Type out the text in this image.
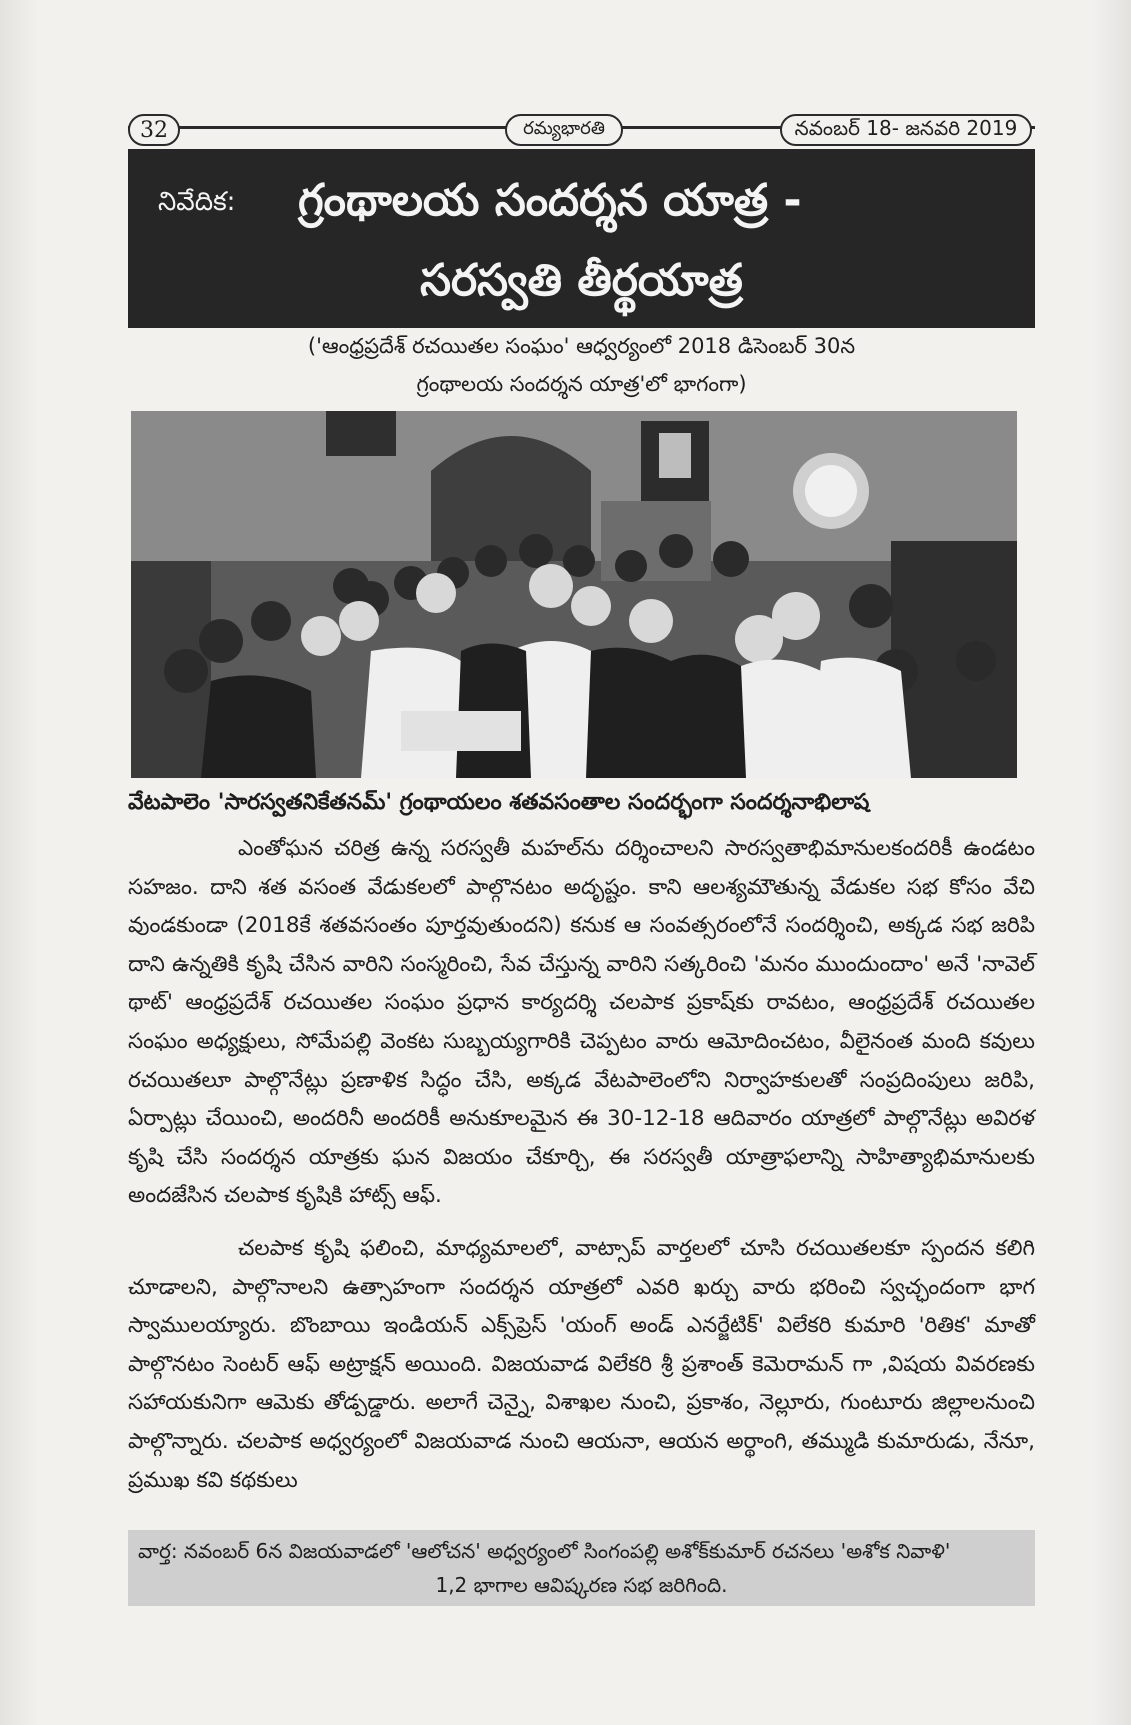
32	రమ్యభారతి	నవంబర్ 18- జనవరి 2019
నివేదిక: గ్రంథాలయ సందర్శన యాత్ర -
సరస్వతి తీర్థయాత్ర
('ఆంధ్రప్రదేశ్ రచయితల సంఘం' ఆధ్వర్యంలో 2018 డిసెంబర్ 30న
గ్రంథాలయ సందర్శన యాత్ర'లో భాగంగా)
వేటపాలెం 'సారస్వతనికేతనమ్' గ్రంథాయలం శతవసంతాల సందర్భంగా సందర్శనాభిలాష

ఎంతోఘన చరిత్ర ఉన్న సరస్వతీ మహల్‌ను దర్శించాలని సారస్వతాభిమానులకందరికీ ఉండటం సహజం. దాని శత వసంత వేడుకలలో పాల్గొనటం అదృష్టం. కాని ఆలశ్యమౌతున్న వేడుకల సభ కోసం వేచి వుండకుండా (2018కే శతవసంతం పూర్తవుతుందని) కనుక ఆ సంవత్సరంలోనే సందర్శించి, అక్కడ సభ జరిపి దాని ఉన్నతికి కృషి చేసిన వారిని సంస్మరించి, సేవ చేస్తున్న వారిని సత్కరించి 'మనం ముందుందాం' అనే 'నావెల్ థాట్' ఆంధ్రప్రదేశ్ రచయితల సంఘం ప్రధాన కార్యదర్శి చలపాక ప్రకాష్‌కు రావటం, ఆంధ్రప్రదేశ్ రచయితల సంఘం అధ్యక్షులు, సోమేపల్లి వెంకట సుబ్బయ్యగారికి చెప్పటం వారు ఆమోదించటం, వీలైనంత మంది కవులు రచయితలూ పాల్గొనేట్లు ప్రణాళిక సిద్ధం చేసి, అక్కడ వేటపాలెంలోని నిర్వాహకులతో సంప్రదింపులు జరిపి, ఏర్పాట్లు చేయించి, అందరినీ అందరికీ అనుకూలమైన ఈ 30-12-18 ఆదివారం యాత్రలో పాల్గొనేట్లు అవిరళ కృషి చేసి సందర్శన యాత్రకు ఘన విజయం చేకూర్చి, ఈ సరస్వతీ యాత్రాఫలాన్ని సాహిత్యాభిమానులకు అందజేసిన చలపాక కృషికి హాట్స్ ఆఫ్.

చలపాక కృషి ఫలించి, మాధ్యమాలలో, వాట్సాప్ వార్తలలో చూసి రచయితలకూ స్పందన కలిగి చూడాలని, పాల్గొనాలని ఉత్సాహంగా సందర్శన యాత్రలో ఎవరి ఖర్చు వారు భరించి స్వచ్ఛందంగా భాగ స్వాములయ్యారు. బొంబాయి ఇండియన్ ఎక్స్‌ప్రెస్ 'యంగ్ అండ్ ఎనర్జేటిక్' విలేకరి కుమారి 'రితిక' మాతో పాల్గొనటం సెంటర్ ఆఫ్ అట్రాక్షన్ అయింది. విజయవాడ విలేకరి శ్రీ ప్రశాంత్ కెమెరామన్ గా ,విషయ వివరణకు సహాయకునిగా ఆమెకు తోడ్పడ్డారు. అలాగే చెన్నై, విశాఖల నుంచి, ప్రకాశం, నెల్లూరు, గుంటూరు జిల్లాలనుంచి పాల్గొన్నారు. చలపాక అధ్వర్యంలో విజయవాడ నుంచి ఆయనా, ఆయన అర్థాంగి, తమ్ముడి కుమారుడు, నేనూ, ప్రముఖ కవి కథకులు

వార్త: నవంబర్ 6న విజయవాడలో 'ఆలోచన' అధ్వర్యంలో సింగంపల్లి అశోక్‌కుమార్ రచనలు 'అశోక నివాళి'
1,2 భాగాల ఆవిష్కరణ సభ జరిగింది.
